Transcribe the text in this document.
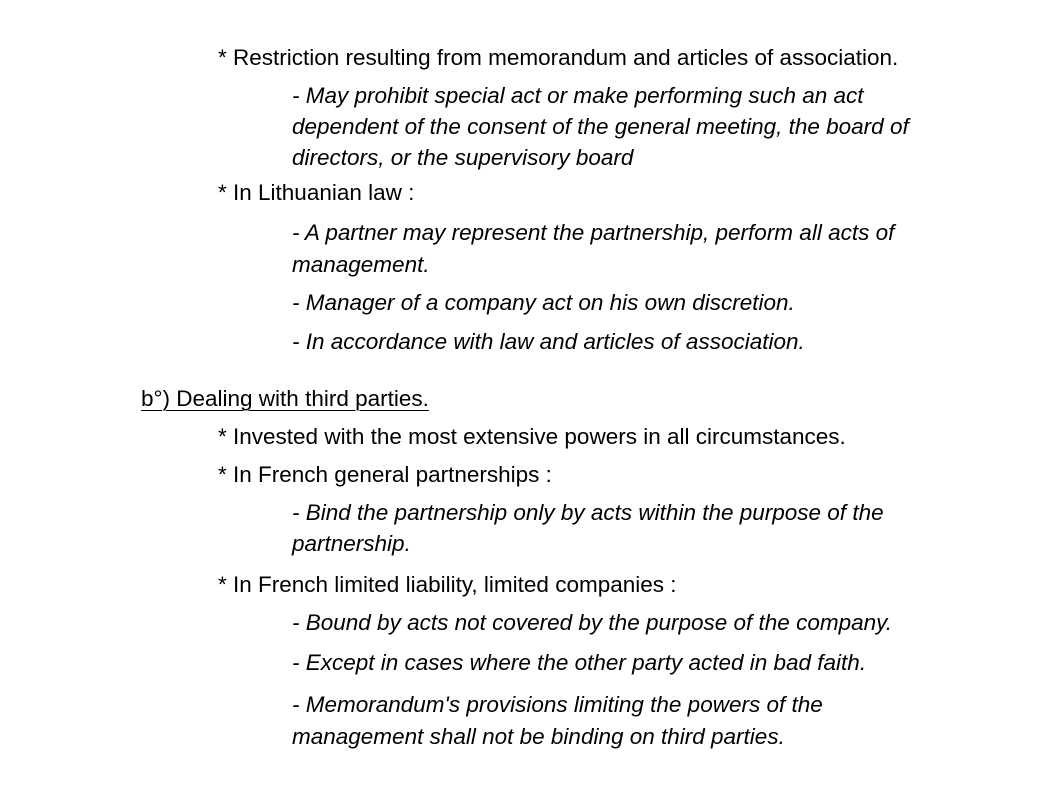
* Restriction resulting from memorandum and articles of association.

- May prohibit special act or make performing such an act

dependent of the consent of the general meeting, the board of

directors, or the supervisory board

* In Lithuanian law :

- A partner may represent the partnership, perform all acts of

management.

- Manager of a company act on his own discretion.

- In accordance with law and articles of association.

b°) Dealing with third parties.

* Invested with the most extensive powers in all circumstances.

* In French general partnerships :

- Bind the partnership only by acts within the purpose of the

partnership.

* In French limited liability, limited companies :

- Bound by acts not covered by the purpose of the company.

- Except in cases where the other party acted in bad faith.

- Memorandum's provisions limiting the powers of the

management shall not be binding on third parties.
